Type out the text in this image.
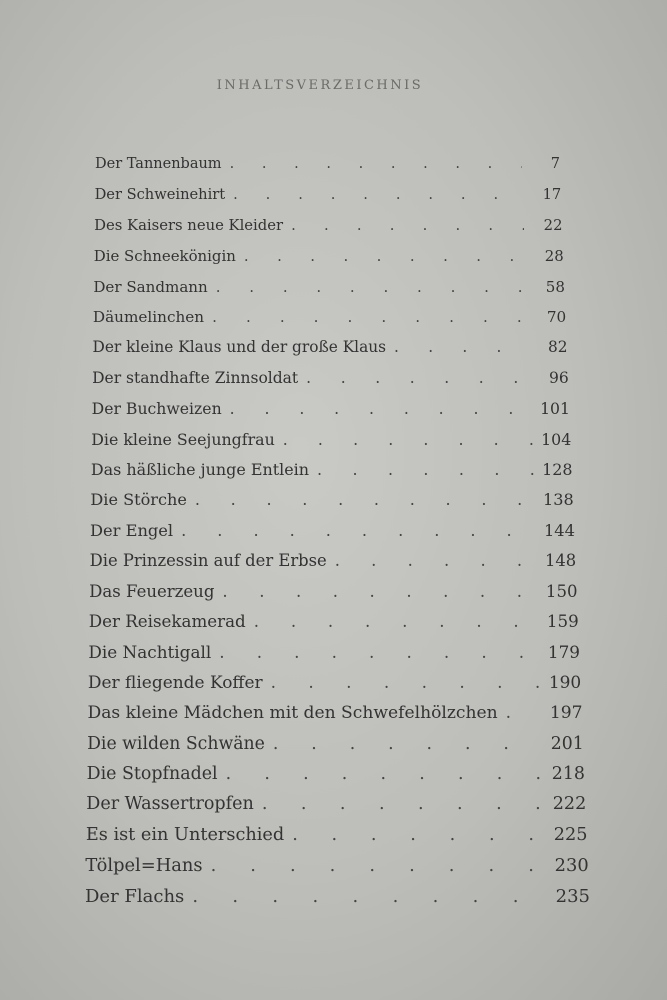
INHALTSVERZEICHNIS
Der Tannenbaum .	7
Der Schweinehirt .	17
Des Kaisers neue Kleider .	22
Die Schneekönigin .	28
Der Sandmann .	58
Däumelinchen .	70
Der kleine Klaus und der große Klaus .	82
Der standhafte Zinnsoldat .	96
Der Buchweizen .	101
Die kleine Seejungfrau .	104
Das häßliche junge Entlein .	128
Die Störche .	138
Der Engel .	144
Die Prinzessin auf der Erbse .	148
Das Feuerzeug .	150
Der Reisekamerad .	159
Die Nachtigall .	179
Der fliegende Koffer .	190
Das kleine Mädchen mit den Schwefelhölzchen .	197
Die wilden Schwäne .	201
Die Stopfnadel .	218
Der Wassertropfen .	222
Es ist ein Unterschied .	225
Tölpel=Hans .	230
Der Flachs .	235
